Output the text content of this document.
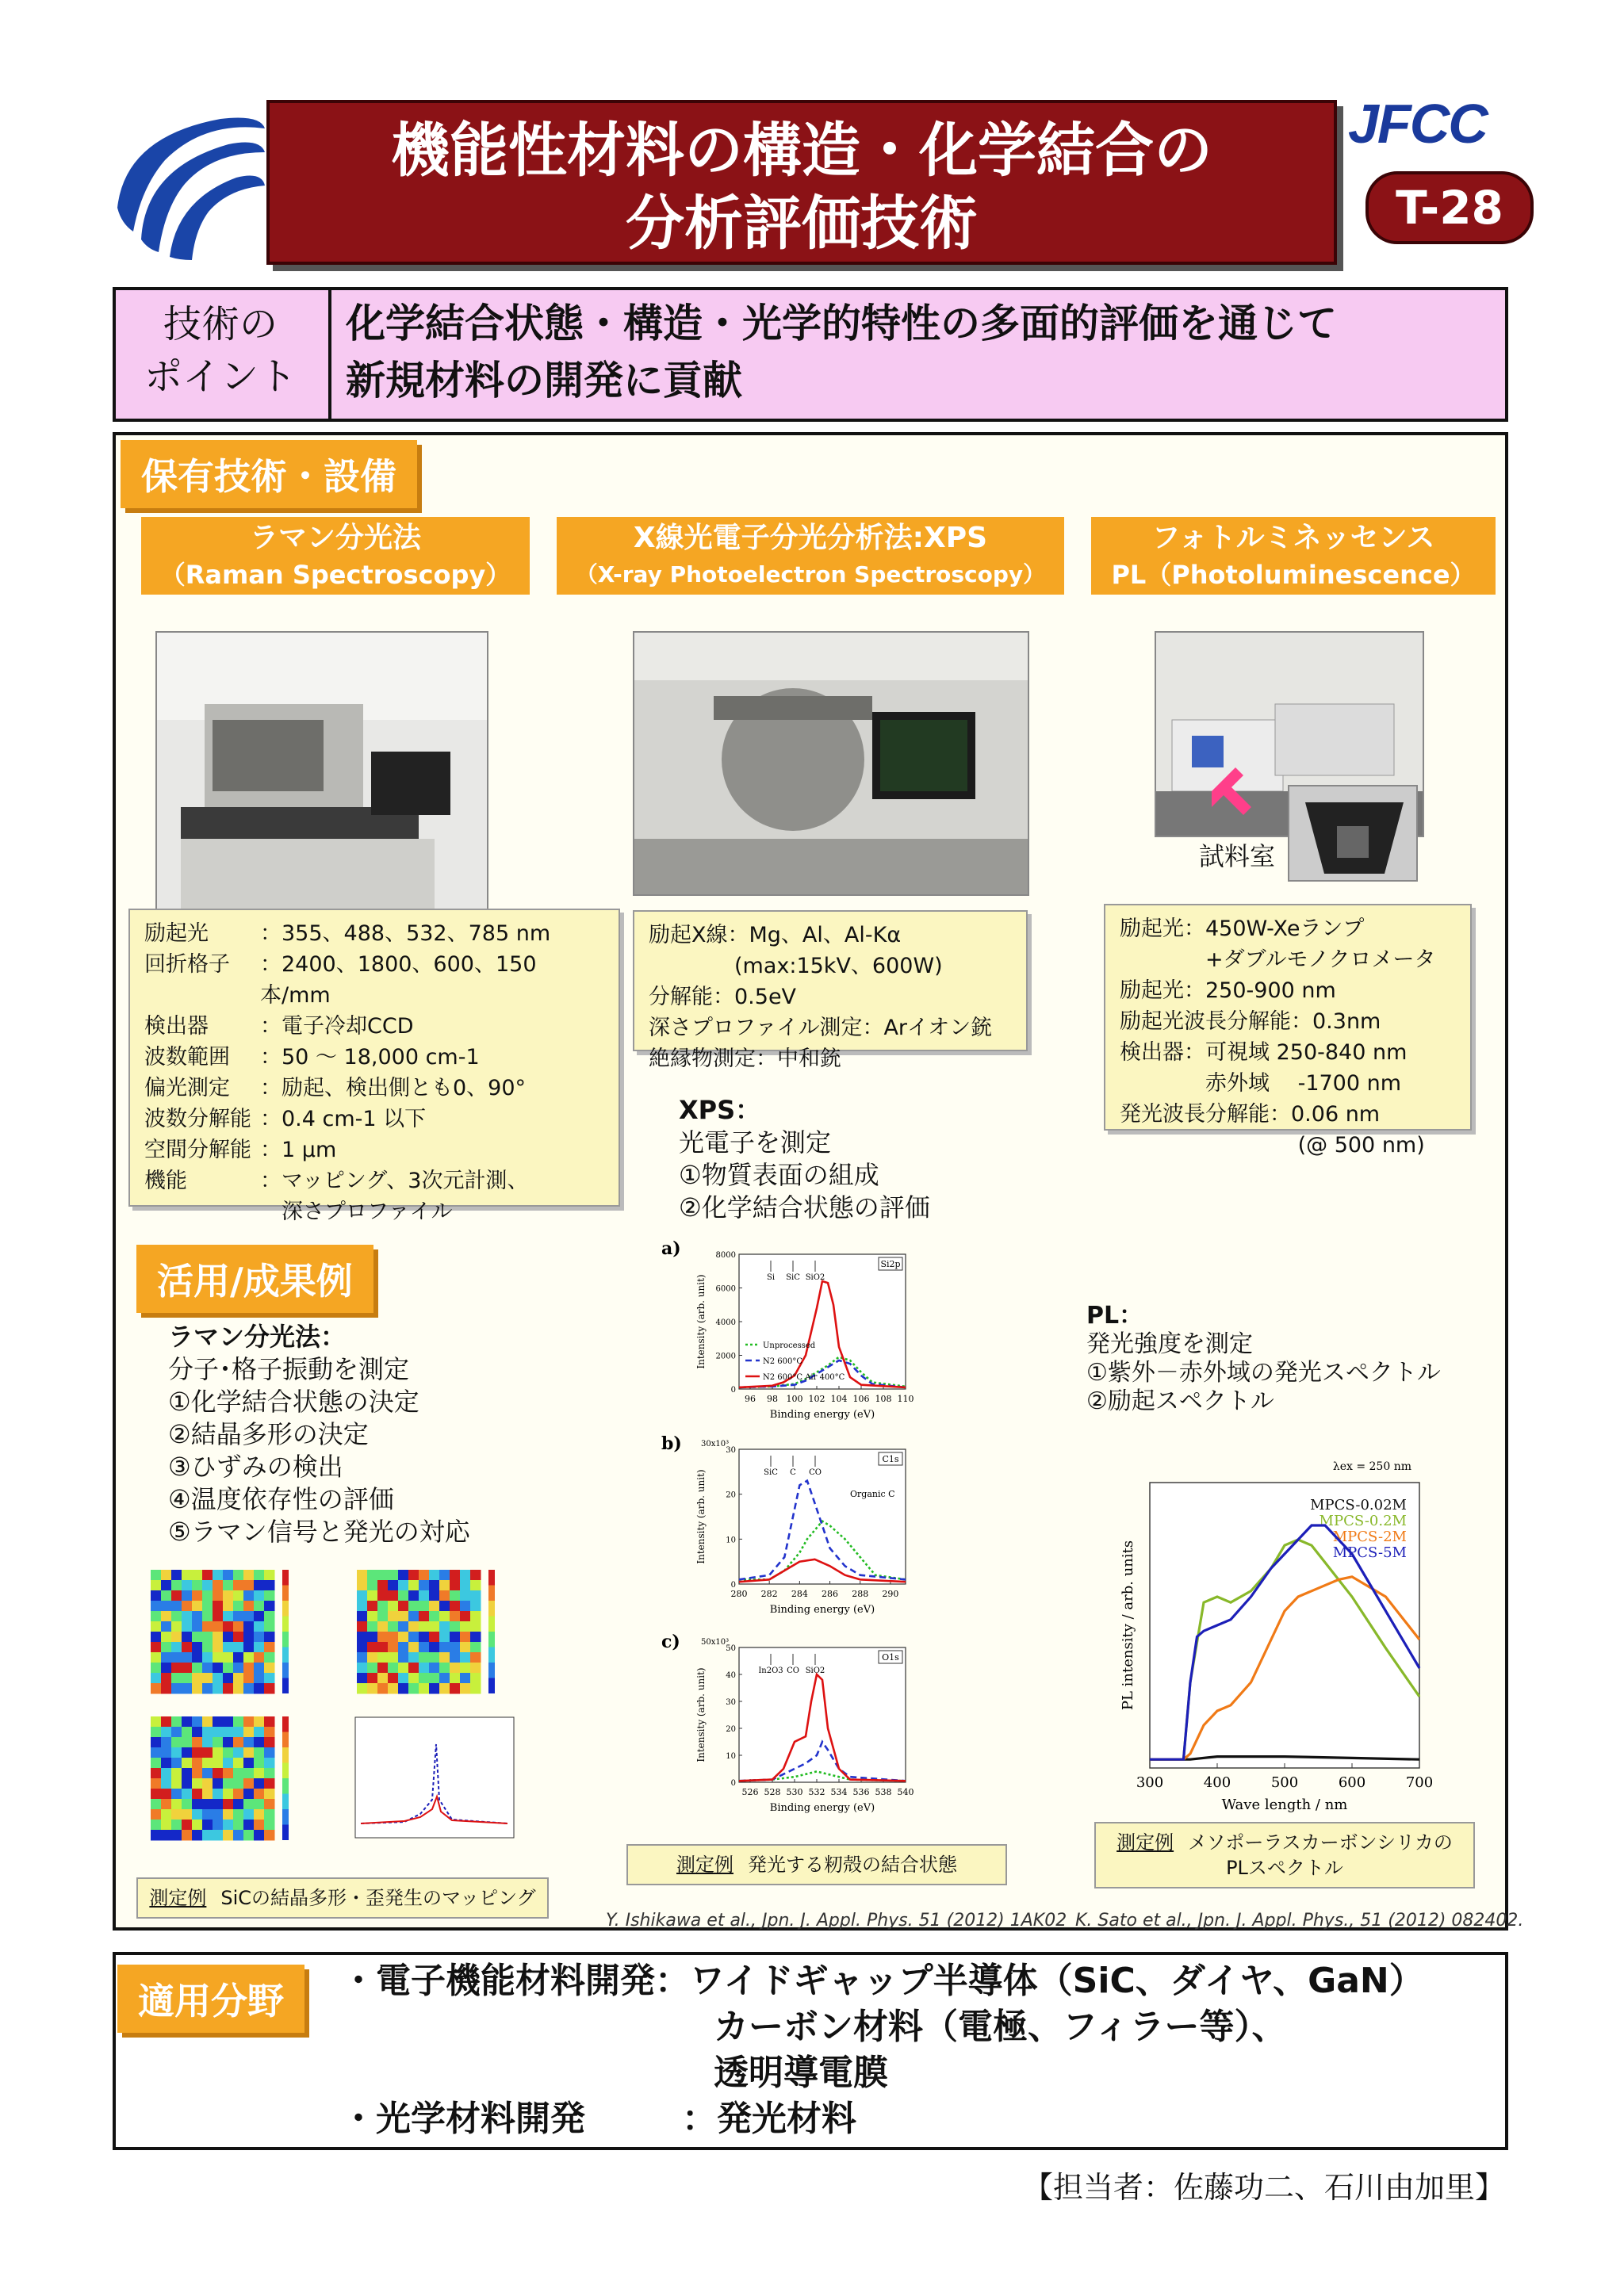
機能性材料の構造・化学結合の
分析評価技術
JFCC
T-28
技術の
ポイント
化学結合状態・構造・光学的特性の多面的評価を通じて
新規材料の開発に貢献
保有技術・設備
ラマン分光法
（Raman Spectroscopy）
X線光電子分光分析法:XPS
（X-ray Photoelectron Spectroscopy）
フォトルミネッセンス
PL（Photoluminescence）
試料室
励起光	：355、488、532、785 nm
回折格子	：2400、1800、600、150 本/mm
検出器	：電子冷却CCD
波数範囲	：50 ～ 18,000 cm-1
偏光測定	：励起、検出側とも0、90°
波数分解能 ：0.4 cm-1 以下
空間分解能 ：1 μm
機能	：マッピング、3次元計測、
　深さプロファイル
励起X線：Mg、Al、Al-Kα
　　　　(max:15kV、600W)
分解能：0.5eV
深さプロファイル測定：Arイオン銃
絶縁物測定：中和銃
励起光：450W-Xeランプ
　　　　+ダブルモノクロメータ
励起光：250-900 nm
励起光波長分解能：0.3nm
検出器：可視域 250-840 nm
　　　　赤外域　 -1700 nm
発光波長分解能：0.06 nm
　　　　　　　　 (@ 500 nm)
活用/成果例
ラマン分光法：
分子･格子振動を測定
①化学結合状態の決定
②結晶多形の決定
③ひずみの検出
④温度依存性の評価
⑤ラマン信号と発光の対応
測定例 SiCの結晶多形・歪発生のマッピング
XPS：
光電子を測定
①物質表面の組成
②化学結合状態の評価
a)
96 98 100 102 104 106 108 110
0
2000
4000
6000
8000
Binding energy (eV)
Intensity (arb. unit)
Si2p
Si SiC SiO2
Unprocessed
N2 600°C
N2 600°C Air 400°C
b)
280 282 284 286 288 290
0
10
20
30
Binding energy (eV)
Intensity (arb. unit)
30x10³
C1s
SiC C CO
Organic C
c)
526 528 530 532 534 536 538 540
0
10
20
30
40
50
Binding energy (eV)
Intensity (arb. unit)
50x10³
O1s
In2O3 CO SiO2
測定例 発光する籾殻の結合状態
Y. Ishikawa et al., Jpn. J. Appl. Phys. 51 (2012) 1AK02
PL：
発光強度を測定
①紫外－赤外域の発光スペクトル
②励起スペクトル
λex = 250 nm
300	400	500	600	700
Wave length / nm
PL intensity / arb. units
MPCS-0.02M
MPCS-0.2M
MPCS-2M
MPCS-5M
測定例 メソポーラスカーボンシリカの
PLスペクトル
K. Sato et al., Jpn. J. Appl. Phys., 51 (2012) 082402.
適用分野	・電子機能材料開発：ワイドギャップ半導体（SiC、ダイヤ、GaN）
カーボン材料（電極、フィラー等）、
透明導電膜
・光学材料開発	：発光材料
【担当者：佐藤功二、石川由加里】
